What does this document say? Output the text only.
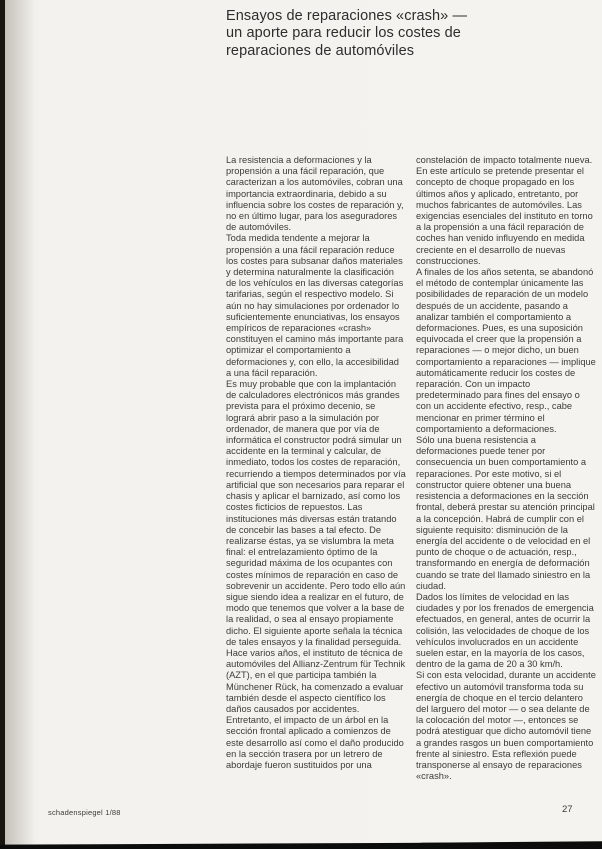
Ensayos de reparaciones «crash» —
un aporte para reducir los costes de
reparaciones de automóviles

La resistencia a deformaciones y la propensión a una fácil reparación, que caracterizan a los automóviles, cobran una importancia extraordinaria, debido a su influencia sobre los costes de reparación y, no en último lugar, para los aseguradores de automóviles.

Toda medida tendente a mejorar la propensión a una fácil reparación reduce los costes para subsanar daños materiales y determina naturalmente la clasificación de los vehículos en las diversas categorías tarifarias, según el respectivo modelo. Si aún no hay simulaciones por ordenador lo suficientemente enunciativas, los ensayos empíricos de reparaciones «crash» constituyen el camino más importante para optimizar el comportamiento a deformaciones y, con ello, la accesibilidad a una fácil reparación.

Es muy probable que con la implantación de calculadores electrónicos más grandes prevista para el próximo decenio, se logrará abrir paso a la simulación por ordenador, de manera que por vía de informática el constructor podrá simular un accidente en la terminal y calcular, de inmediato, todos los costes de reparación, recurriendo a tiempos determinados por vía artificial que son necesarios para reparar el chasis y aplicar el barnizado, así como los costes ficticios de repuestos. Las instituciones más diversas están tratando de concebir las bases a tal efecto. De realizarse éstas, ya se vislumbra la meta final: el entrelazamiento óptimo de la seguridad máxima de los ocupantes con costes mínimos de reparación en caso de sobrevenir un accidente. Pero todo ello aún sigue siendo idea a realizar en el futuro, de modo que tenemos que volver a la base de la realidad, o sea al ensayo propiamente dicho. El siguiente aporte señala la técnica de tales ensayos y la finalidad perseguida.

Hace varios años, el instituto de técnica de automóviles del Allianz-Zentrum für Technik (AZT), en el que participa también la Münchener Rück, ha comenzado a evaluar también desde el aspecto científico los daños causados por accidentes.

Entretanto, el impacto de un árbol en la sección frontal aplicado a comienzos de este desarrollo así como el daño producido en la sección trasera por un letrero de abordaje fueron sustituidos por una

constelación de impacto totalmente nueva. En este artículo se pretende presentar el concepto de choque propagado en los últimos años y aplicado, entretanto, por muchos fabricantes de automóviles. Las exigencias esenciales del instituto en torno a la propensión a una fácil reparación de coches han venido influyendo en medida creciente en el desarrollo de nuevas construcciones.

A finales de los años setenta, se abandonó el método de contemplar únicamente las posibilidades de reparación de un modelo después de un accidente, pasando a analizar también el comportamiento a deformaciones. Pues, es una suposición equivocada el creer que la propensión a reparaciones — o mejor dicho, un buen comportamiento a reparaciones — implique automáticamente reducir los costes de reparación. Con un impacto predeterminado para fines del ensayo o con un accidente efectivo, resp., cabe mencionar en primer término el comportamiento a deformaciones.

Sólo una buena resistencia a deformaciones puede tener por consecuencia un buen comportamiento a reparaciones. Por este motivo, si el constructor quiere obtener una buena resistencia a deformaciones en la sección frontal, deberá prestar su atención principal a la concepción. Habrá de cumplir con el siguiente requisito: disminución de la energía del accidente o de velocidad en el punto de choque o de actuación, resp., transformando en energía de deformación cuando se trate del llamado siniestro en la ciudad.

Dados los límites de velocidad en las ciudades y por los frenados de emergencia efectuados, en general, antes de ocurrir la colisión, las velocidades de choque de los vehículos involucrados en un accidente suelen estar, en la mayoría de los casos, dentro de la gama de 20 a 30 km/h.

Si con esta velocidad, durante un accidente efectivo un automóvil transforma toda su energía de choque en el tercio delantero del larguero del motor — o sea delante de la colocación del motor —, entonces se podrá atestiguar que dicho automóvil tiene a grandes rasgos un buen comportamiento frente al siniestro. Esta reflexión puede transponerse al ensayo de reparaciones «crash».

schadenspiegel 1/88	27
